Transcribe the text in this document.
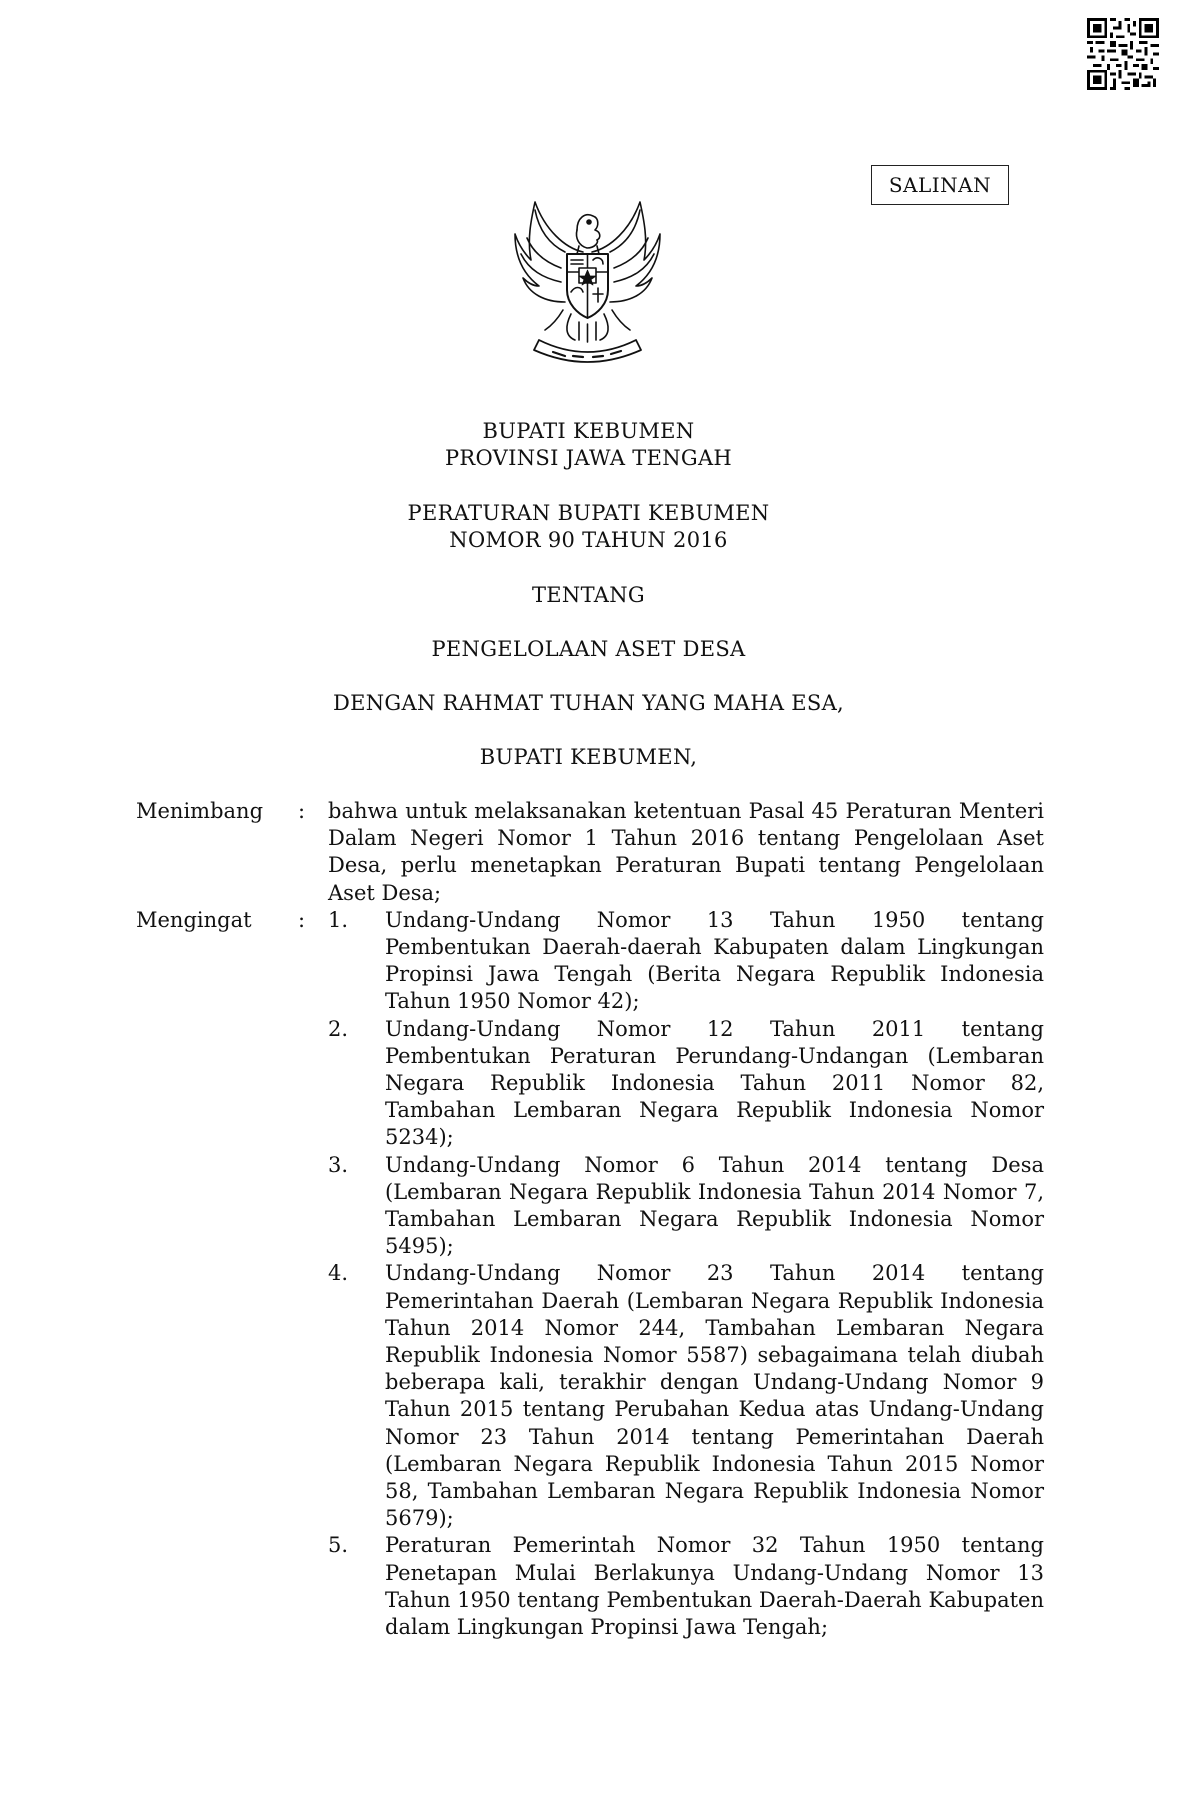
SALINAN
BUPATI KEBUMEN
PROVINSI JAWA TENGAH
PERATURAN BUPATI KEBUMEN
NOMOR 90 TAHUN 2016
TENTANG
PENGELOLAAN ASET DESA
DENGAN RAHMAT TUHAN YANG MAHA ESA,
BUPATI KEBUMEN,
Menimbang	: bahwa untuk melaksanakan ketentuan Pasal 45 Peraturan Menteri Dalam Negeri Nomor 1 Tahun 2016 tentang Pengelolaan Aset Desa, perlu menetapkan Peraturan Bupati tentang Pengelolaan Aset Desa;
Mengingat	: 1.	Undang-Undang Nomor 13 Tahun 1950 tentang Pembentukan Daerah-daerah Kabupaten dalam Lingkungan Propinsi Jawa Tengah (Berita Negara Republik Indonesia Tahun 1950 Nomor 42);
2.	Undang-Undang Nomor 12 Tahun 2011 tentang Pembentukan Peraturan Perundang-Undangan (Lembaran Negara Republik Indonesia Tahun 2011 Nomor 82, Tambahan Lembaran Negara Republik Indonesia Nomor 5234);
3.	Undang-Undang Nomor 6 Tahun 2014 tentang Desa (Lembaran Negara Republik Indonesia Tahun 2014 Nomor 7, Tambahan Lembaran Negara Republik Indonesia Nomor 5495);
4.	Undang-Undang Nomor 23 Tahun 2014 tentang Pemerintahan Daerah (Lembaran Negara Republik Indonesia Tahun 2014 Nomor 244, Tambahan Lembaran Negara Republik Indonesia Nomor 5587) sebagaimana telah diubah beberapa kali, terakhir dengan Undang-Undang Nomor 9 Tahun 2015 tentang Perubahan Kedua atas Undang-Undang Nomor 23 Tahun 2014 tentang Pemerintahan Daerah (Lembaran Negara Republik Indonesia Tahun 2015 Nomor 58, Tambahan Lembaran Negara Republik Indonesia Nomor 5679);
5.	Peraturan Pemerintah Nomor 32 Tahun 1950 tentang Penetapan Mulai Berlakunya Undang-Undang Nomor 13 Tahun 1950 tentang Pembentukan Daerah-Daerah Kabupaten dalam Lingkungan Propinsi Jawa Tengah;
